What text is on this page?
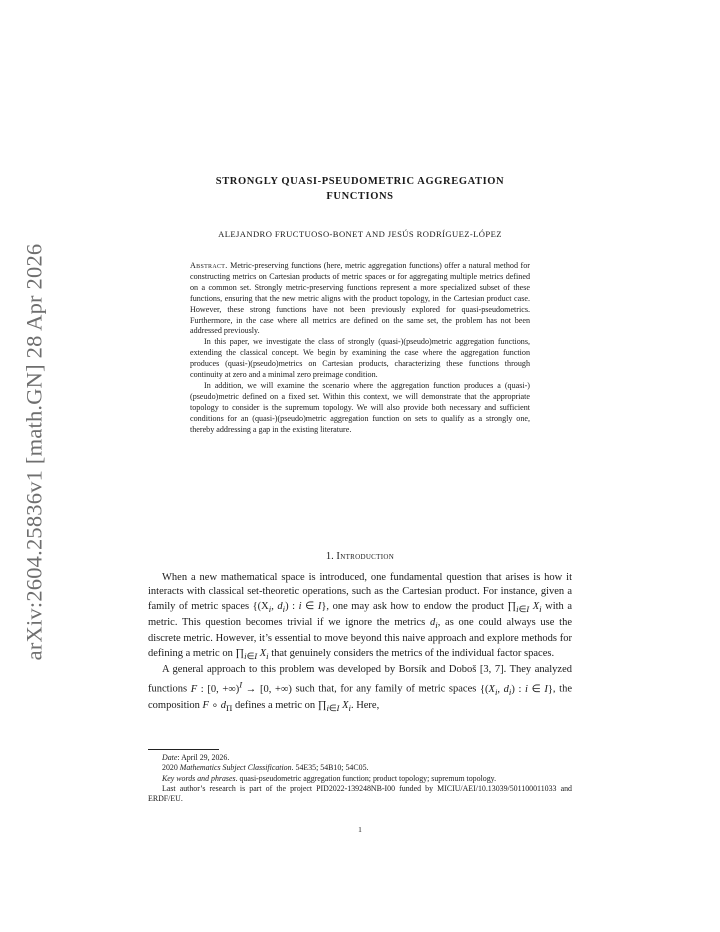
arXiv:2604.25836v1 [math.GN] 28 Apr 2026
STRONGLY QUASI-PSEUDOMETRIC AGGREGATION
FUNCTIONS
ALEJANDRO FRUCTUOSO-BONET AND JESÚS RODRÍGUEZ-LÓPEZ

Abstract. Metric-preserving functions (here, metric aggregation functions) offer a natural method for constructing metrics on Cartesian products of metric spaces or for aggregating multiple metrics defined on a common set. Strongly metric-preserving functions represent a more specialized subset of these functions, ensuring that the new metric aligns with the product topology, in the Cartesian product case. However, these strong functions have not been previously explored for quasi-pseudometrics. Furthermore, in the case where all metrics are defined on the same set, the problem has not been addressed previously.

In this paper, we investigate the class of strongly (quasi-)(pseudo)metric aggregation functions, extending the classical concept. We begin by examining the case where the aggregation function produces (quasi-)(pseudo)metrics on Cartesian products, characterizing these functions through continuity at zero and a minimal zero preimage condition.

In addition, we will examine the scenario where the aggregation function produces a (quasi-)(pseudo)metric defined on a fixed set. Within this context, we will demonstrate that the appropriate topology to consider is the supremum topology. We will also provide both necessary and sufficient conditions for an (quasi-)(pseudo)metric aggregation function on sets to qualify as a strongly one, thereby addressing a gap in the existing literature.

1. Introduction

When a new mathematical space is introduced, one fundamental question that arises is how it interacts with classical set-theoretic operations, such as the Cartesian product. For instance, given a family of metric spaces {($X_i$, $d_i$) : i ∈ I}, one may ask how to endow the product $\prod_{i\in I}$ $X_i$ with a metric. This question becomes trivial if we ignore the metrics $d_i$, as one could always use the discrete metric. However, it’s essential to move beyond this naive approach and explore methods for defining a metric on $\prod_{i\in I}$ $X_i$ that genuinely considers the metrics of the individual factor spaces.

A general approach to this problem was developed by Borsík and Doboš [3, 7]. They analyzed functions F : [0, +∞)$^I$ → [0, +∞) such that, for any family of metric spaces {($X_i$, $d_i$) : i ∈ I}, the composition F ∘ $d_\Pi$ defines a metric on $\prod_{i\in I}$ $X_i$. Here,

Date: April 29, 2026.

2020 Mathematics Subject Classification. 54E35; 54B10; 54C05.

Key words and phrases. quasi-pseudometric aggregation function; product topology; supremum topology.

Last author’s research is part of the project PID2022-139248NB-I00 funded by MICIU/AEI/10.13039/501100011033 and ERDF/EU.

1
